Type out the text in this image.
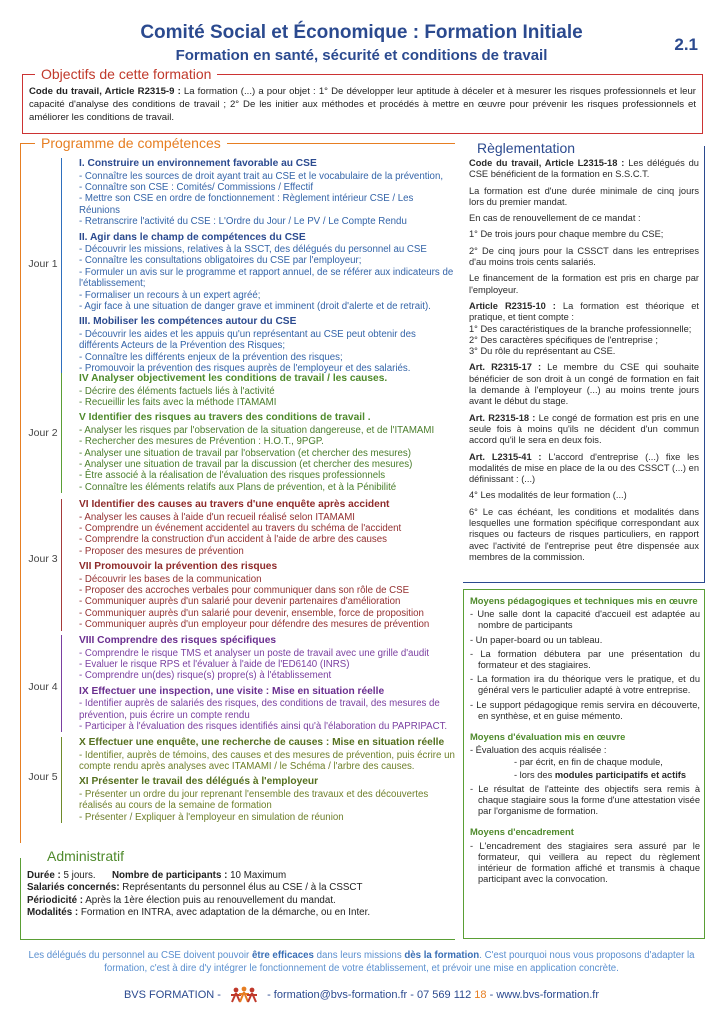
Comité Social et Économique : Formation Initiale
Formation en santé, sécurité et conditions de travail
2.1
Objectifs de cette formation
Code du travail, Article R2315-9 : La formation (...) a pour objet : 1° De développer leur aptitude à déceler et à mesurer les risques professionnels et leur capacité d'analyse des conditions de travail ; 2° De les initier aux méthodes et procédés à mettre en œuvre pour prévenir les risques professionnels et améliorer les conditions de travail.
Programme de compétences
Jour 1
I. Construire un environnement favorable au CSE
- Connaître les sources de droit ayant trait au CSE et le vocabulaire de la prévention,
- Connaître son CSE : Comités/ Commissions / Effectif
- Mettre son CSE en ordre de fonctionnement : Règlement intérieur CSE / Les Réunions
- Retranscrire l'activité du CSE : L'Ordre du Jour / Le PV / Le Compte Rendu
II. Agir dans le champ de compétences du CSE
- Découvrir les missions, relatives à la SSCT, des délégués du personnel au CSE
- Connaître les consultations obligatoires du CSE par l'employeur;
- Formuler un avis sur le programme et rapport annuel, de se référer aux indicateurs de l'établissement;
- Formaliser un recours à un expert agréé;
- Agir face à une situation de danger grave et imminent (droit d'alerte et de retrait).
III. Mobiliser les compétences autour du CSE
- Découvrir les aides et les appuis qu'un représentant au CSE peut obtenir des différents Acteurs de la Prévention des Risques;
- Connaître les différents enjeux de la prévention des risques;
- Promouvoir la prévention des risques auprès de l'employeur et des salariés.
Jour 2
IV Analyser objectivement les conditions de travail / les causes.
- Décrire des éléments factuels liés à l'activité
- Recueillir les faits avec la méthode ITAMAMI
V Identifier des risques au travers des conditions de travail .
- Analyser les risques par l'observation de la situation dangereuse, et de l'ITAMAMI
- Rechercher des mesures de Prévention : H.O.T., 9PGP.
- Analyser une situation de travail par l'observation (et chercher des mesures)
- Analyser une situation de travail par la discussion (et chercher des mesures)
- Être associé à la réalisation de l'évaluation des risques professionnels
- Connaître les éléments relatifs aux Plans de prévention, et à la Pénibilité
Jour 3
VI Identifier des causes au travers d'une enquête après accident
- Analyser les causes à l'aide d'un recueil réalisé selon ITAMAMI
- Comprendre un événement accidentel au travers du schéma de l'accident
- Comprendre la construction d'un accident à l'aide de arbre des causes
- Proposer des mesures de prévention
VII Promouvoir la prévention des risques
- Découvrir les bases de la communication
- Proposer des accroches verbales pour communiquer dans son rôle de CSE
- Communiquer auprès d'un salarié pour devenir partenaires d'amélioration
- Communiquer auprès d'un salarié pour devenir, ensemble, force de proposition
- Communiquer auprès d'un employeur pour défendre des mesures de prévention
Jour 4
VIII Comprendre des risques spécifiques
- Comprendre le risque TMS et analyser un poste de travail avec une grille d'audit
- Evaluer le risque RPS et l'évaluer à l'aide de l'ED6140 (INRS)
- Comprendre un(des) risque(s) propre(s) à l'établissement
IX Effectuer une inspection, une visite : Mise en situation réelle
- Identifier auprès de salariés des risques, des conditions de travail, des mesures de prévention, puis écrire un compte rendu
- Participer à l'évaluation des risques identifiés ainsi qu'à l'élaboration du PAPRIPACT.
Jour 5
X Effectuer une enquête, une recherche de causes : Mise en situation réelle
- Identifier, auprès de témoins, des causes et des mesures de prévention, puis écrire un compte rendu après analyses avec ITAMAMI / le Schéma / l'arbre des causes.
XI Présenter le travail des délégués à l'employeur
- Présenter un ordre du jour reprenant l'ensemble des travaux et des découvertes réalisés au cours de la semaine de formation
- Présenter / Expliquer à l'employeur en simulation de réunion
Règlementation

Code du travail, Article L2315-18 : Les délégués du CSE bénéficient de la formation en S.S.C.T.

La formation est d'une durée minimale de cinq jours lors du premier mandat.

En cas de renouvellement de ce mandat :

1° De trois jours pour chaque membre du CSE;

2° De cinq jours pour la CSSCT dans les entreprises d'au moins trois cents salariés.

Le financement de la formation est pris en charge par l'employeur.

Article R2315-10 : La formation est théorique et pratique, et tient compte :

1° Des caractéristiques de la branche professionnelle;

2° Des caractères spécifiques de l'entreprise ;

3° Du rôle du représentant au CSE.

Art. R2315-17 : Le membre du CSE qui souhaite bénéficier de son droit à un congé de formation en fait la demande à l'employeur (...) au moins trente jours avant le début du stage.

Art. R2315-18 : Le congé de formation est pris en une seule fois à moins qu'ils ne décident d'un commun accord qu'il le sera en deux fois.

Art. L2315-41 : L'accord d'entreprise (...) fixe les modalités de mise en place de la ou des CSSCT (...) en définissant : (...)

4° Les modalités de leur formation (...)

6° Le cas échéant, les conditions et modalités dans lesquelles une formation spécifique correspondant aux risques ou facteurs de risques particuliers, en rapport avec l'activité de l'entreprise peut être dispensée aux membres de la commission.

Moyens pédagogiques et techniques mis en œuvre
- Une salle dont la capacité d'accueil est adaptée au nombre de participants
- Un paper-board ou un tableau.
- La formation débutera par une présentation du formateur et des stagiaires.
- La formation ira du théorique vers le pratique, et du général vers le particulier adapté à votre entreprise.
- Le support pédagogique remis servira en découverte, en synthèse, et en guise mémento.
Moyens d'évaluation mis en œuvre
- Évaluation des acquis réalisée :
- par écrit, en fin de chaque module,
- lors des modules participatifs et actifs
- Le résultat de l'atteinte des objectifs sera remis à chaque stagiaire sous la forme d'une attestation visée par l'organisme de formation.
Moyens d'encadrement
- L'encadrement des stagiaires sera assuré par le formateur, qui veillera au repect du règlement intérieur de formation affiché et transmis à chaque participant avec la convocation.
Administratif
Durée : 5 jours. Nombre de participants : 10 Maximum
Salariés concernés: Représentants du personnel élus au CSE / à la CSSCT
Périodicité : Après la 1ère élection puis au renouvellement du mandat.
Modalités : Formation en INTRA, avec adaptation de la démarche, ou en Inter.
Les délégués du personnel au CSE doivent pouvoir être efficaces dans leurs missions dès la formation. C'est pourquoi nous vous proposons d'adapter la formation, c'est à dire d'y intégrer le fonctionnement de votre établissement, et prévoir une mise en application concrète.
BVS FORMATION -	- formation@bvs-formation.fr - 07 569 112 18 - www.bvs-formation.fr
